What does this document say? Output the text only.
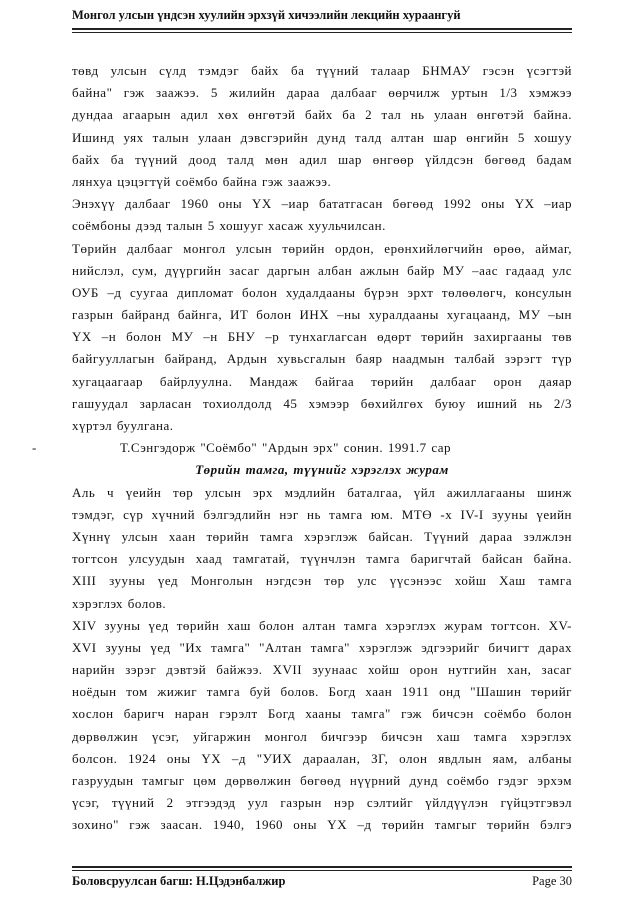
Монгол улсын үндсэн хуулийн эрхзүй хичээлийн лекцийн хураангуй
төвд улсын сүлд тэмдэг байх ба түүний талаар БНМАУ гэсэн үсэгтэй
байна" гэж заажээ. 5 жилийн дараа далбааг өөрчилж уртын 1/3 хэмжээ
дундаа агаарын адил хөх өнгөтэй байх ба 2 тал нь улаан өнгөтэй байна.
Ишинд уях талын улаан дэвсгэрийн дунд талд алтан шар өнгийн 5 хошуу
байх ба түүний доод талд мөн адил шар өнгөөр үйлдсэн бөгөөд бадам
лянхуа цэцэгтүй соёмбо байна гэж заажээ.
Энэхүү далбааг 1960 оны ҮХ –иар бататгасан бөгөөд 1992 оны ҮХ –иар
соёмбоны дээд талын 5 хошууг хасаж хуульчилсан.
Төрийн далбааг монгол улсын төрийн ордон, ерөнхийлөгчийн өрөө, аймаг,
нийслэл, сум, дүүргийн засаг даргын албан ажлын байр МУ –аас гадаад улс
ОУБ –д суугаа дипломат болон худалдааны бүрэн эрхт төлөөлөгч, консулын
газрын байранд байнга, ИТ болон ИНХ –ны хуралдааны хугацаанд, МУ –ын
ҮХ –н болон МУ –н БНУ –р тунхаглагсан өдөрт төрийн захиргааны төв
байгууллагын байранд, Ардын хувьсгалын баяр наадмын талбай зэрэгт түр
хугацаагаар байрлуулна. Мандаж байгаа төрийн далбааг орон даяар
гашуудал зарласан тохиолдолд 45 хэмээр бөхийлгөх буюу ишний нь 2/3
хүртэл буулгана.
-	Т.Сэнгэдорж "Соёмбо" "Ардын эрх" сонин. 1991.7 сар
Төрийн тамга, түүнийг хэрэглэх журам
Аль ч үеийн төр улсын эрх мэдлийн баталгаа, үйл ажиллагааны шинж
тэмдэг, сүр хүчний бэлгэдлийн нэг нь тамга юм. МТӨ -х IV-I зууны үеийн
Хүннү улсын хаан төрийн тамга хэрэглэж байсан. Түүний дараа зэлжлэн
тогтсон улсуудын хаад тамгатай, түүнчлэн тамга баригчтай байсан байна.
XIII зууны үед Монголын нэгдсэн төр улс үүсэнээс хойш Хаш тамга
хэрэглэх болов.
XIV зууны үед төрийн хаш болон алтан тамга хэрэглэх журам тогтсон. XV-
XVI зууны үед "Их тамга" "Алтан тамга" хэрэглэж эдгээрийг бичигт дарах
нарийн зэрэг дэвтэй байжээ. XVII зуунаас хойш орон нутгийн хан, засаг
ноёдын том жижиг тамга буй болов. Богд хаан 1911 онд "Шашин төрийг
хослон баригч наран гэрэлт Богд хааны тамга" гэж бичсэн соёмбо болон
дөрвөлжин үсэг, уйгаржин монгол бичгээр бичсэн хаш тамга хэрэглэх
болсон. 1924 оны ҮХ –д "УИХ дараалан, ЗГ, олон явдлын яам, албаны
газруудын тамгыг цөм дөрвөлжин бөгөөд нүүрний дунд соёмбо гэдэг эрхэм
үсэг, түүний 2 этгээдэд уул газрын нэр сэлтийг үйлдүүлэн гүйцэтгэвэл
зохино" гэж заасан. 1940, 1960 оны ҮХ –д төрийн тамгыг төрийн бэлгэ
Боловсруулсан багш: Н.Цэдэнбалжир	Page 30
